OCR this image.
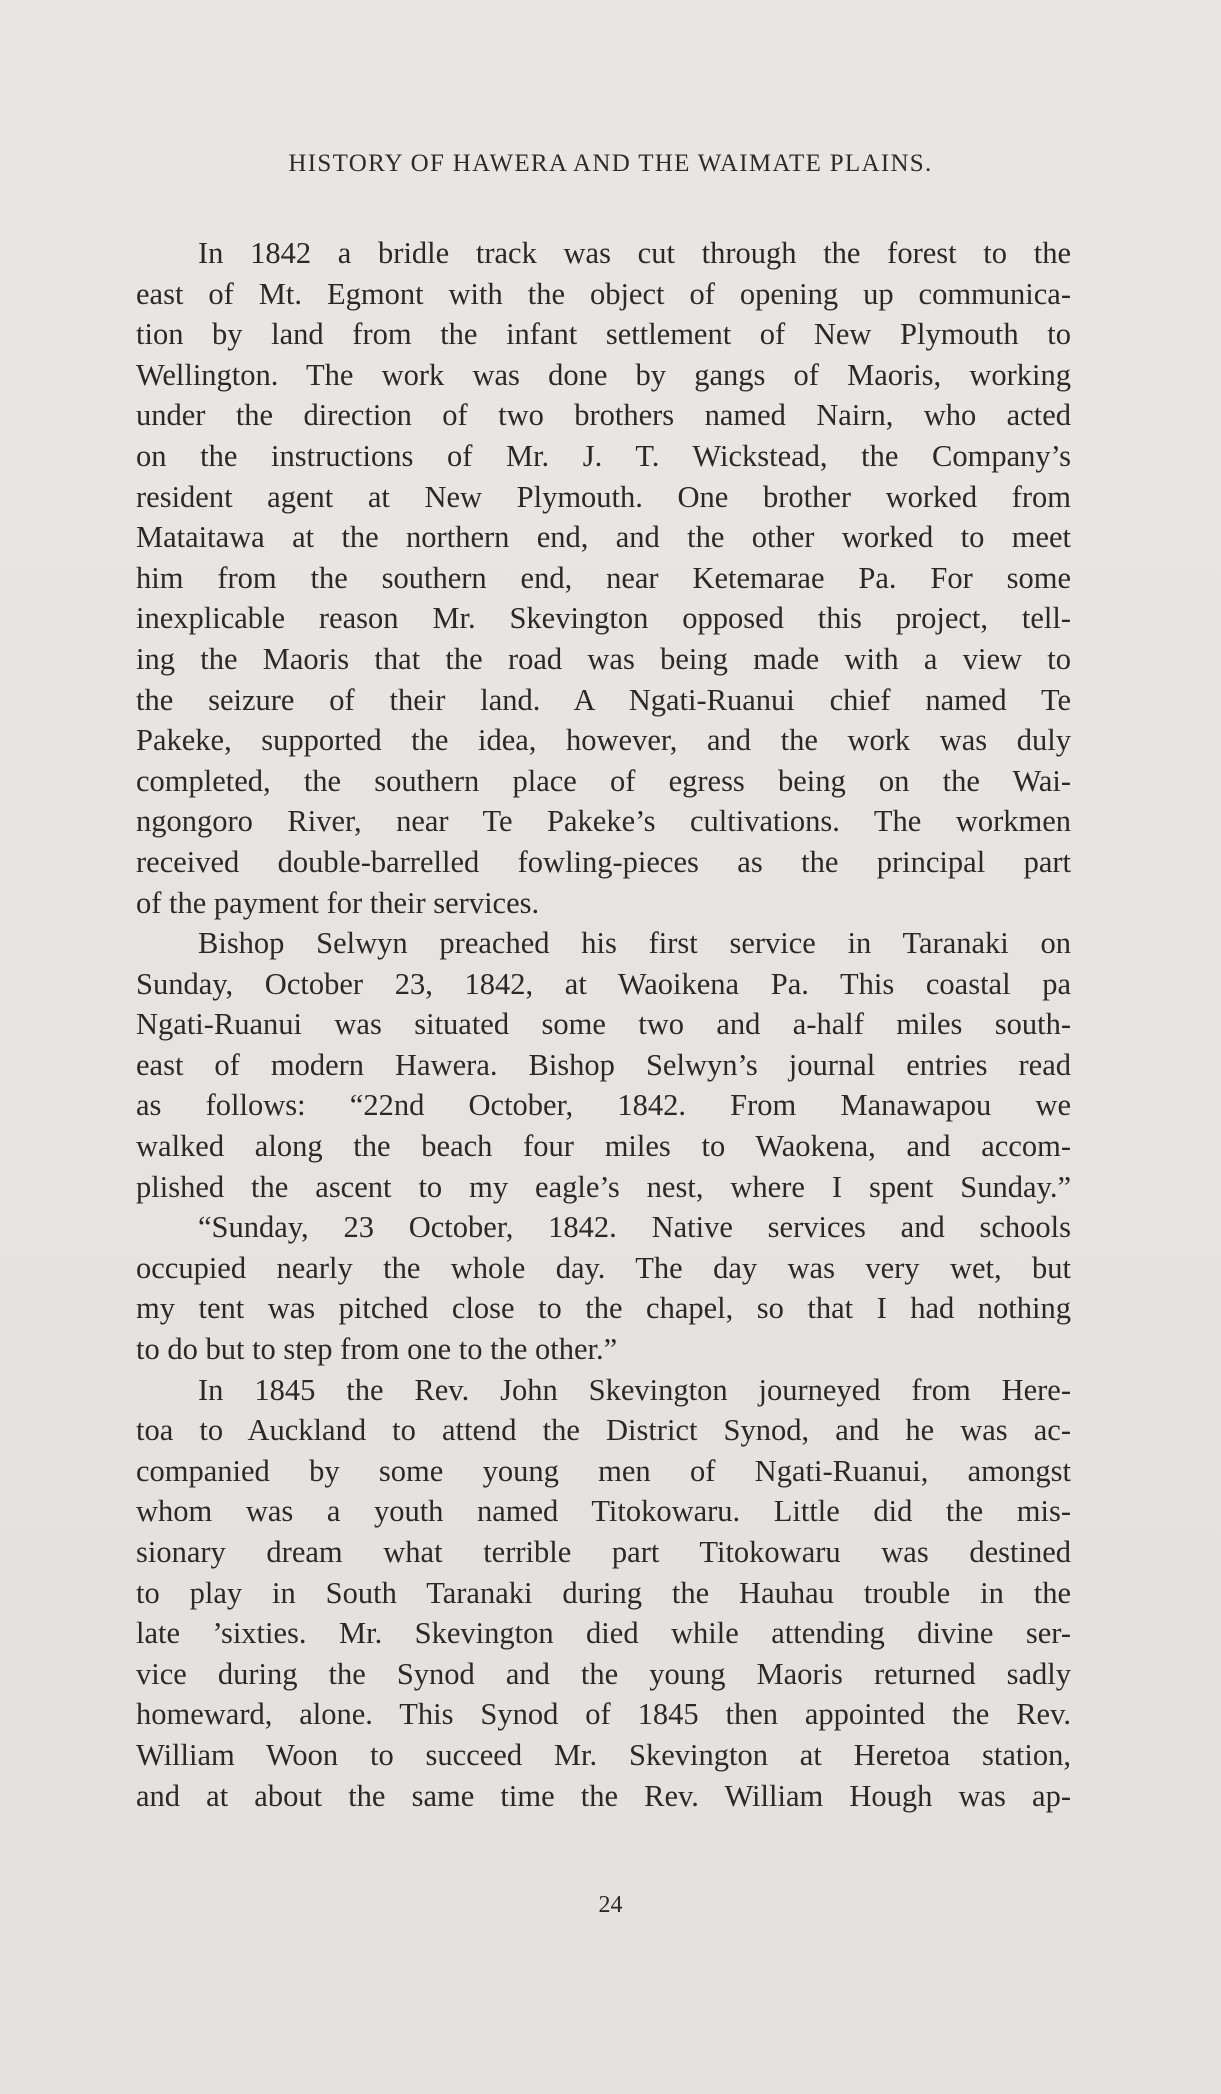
HISTORY OF HAWERA AND THE WAIMATE PLAINS.
In 1842 a bridle track was cut through the forest to the
east of Mt. Egmont with the object of opening up communica-
tion by land from the infant settlement of New Plymouth to
Wellington. The work was done by gangs of Maoris, working
under the direction of two brothers named Nairn, who acted
on the instructions of Mr. J. T. Wickstead, the Company’s
resident agent at New Plymouth. One brother worked from
Mataitawa at the northern end, and the other worked to meet
him from the southern end, near Ketemarae Pa. For some
inexplicable reason Mr. Skevington opposed this project, tell-
ing the Maoris that the road was being made with a view to
the seizure of their land. A Ngati-Ruanui chief named Te
Pakeke, supported the idea, however, and the work was duly
completed, the southern place of egress being on the Wai-
ngongoro River, near Te Pakeke’s cultivations. The workmen
received double-barrelled fowling-pieces as the principal part
of the payment for their services.
Bishop Selwyn preached his first service in Taranaki on
Sunday, October 23, 1842, at Waoikena Pa. This coastal pa
Ngati-Ruanui was situated some two and a-half miles south-
east of modern Hawera. Bishop Selwyn’s journal entries read
as follows: “22nd October, 1842. From Manawapou we
walked along the beach four miles to Waokena, and accom-
plished the ascent to my eagle’s nest, where I spent Sunday.”
“Sunday, 23 October, 1842. Native services and schools
occupied nearly the whole day. The day was very wet, but
my tent was pitched close to the chapel, so that I had nothing
to do but to step from one to the other.”
In 1845 the Rev. John Skevington journeyed from Here-
toa to Auckland to attend the District Synod, and he was ac-
companied by some young men of Ngati-Ruanui, amongst
whom was a youth named Titokowaru. Little did the mis-
sionary dream what terrible part Titokowaru was destined
to play in South Taranaki during the Hauhau trouble in the
late ’sixties. Mr. Skevington died while attending divine ser-
vice during the Synod and the young Maoris returned sadly
homeward, alone. This Synod of 1845 then appointed the Rev.
William Woon to succeed Mr. Skevington at Heretoa station,
and at about the same time the Rev. William Hough was ap-
24
